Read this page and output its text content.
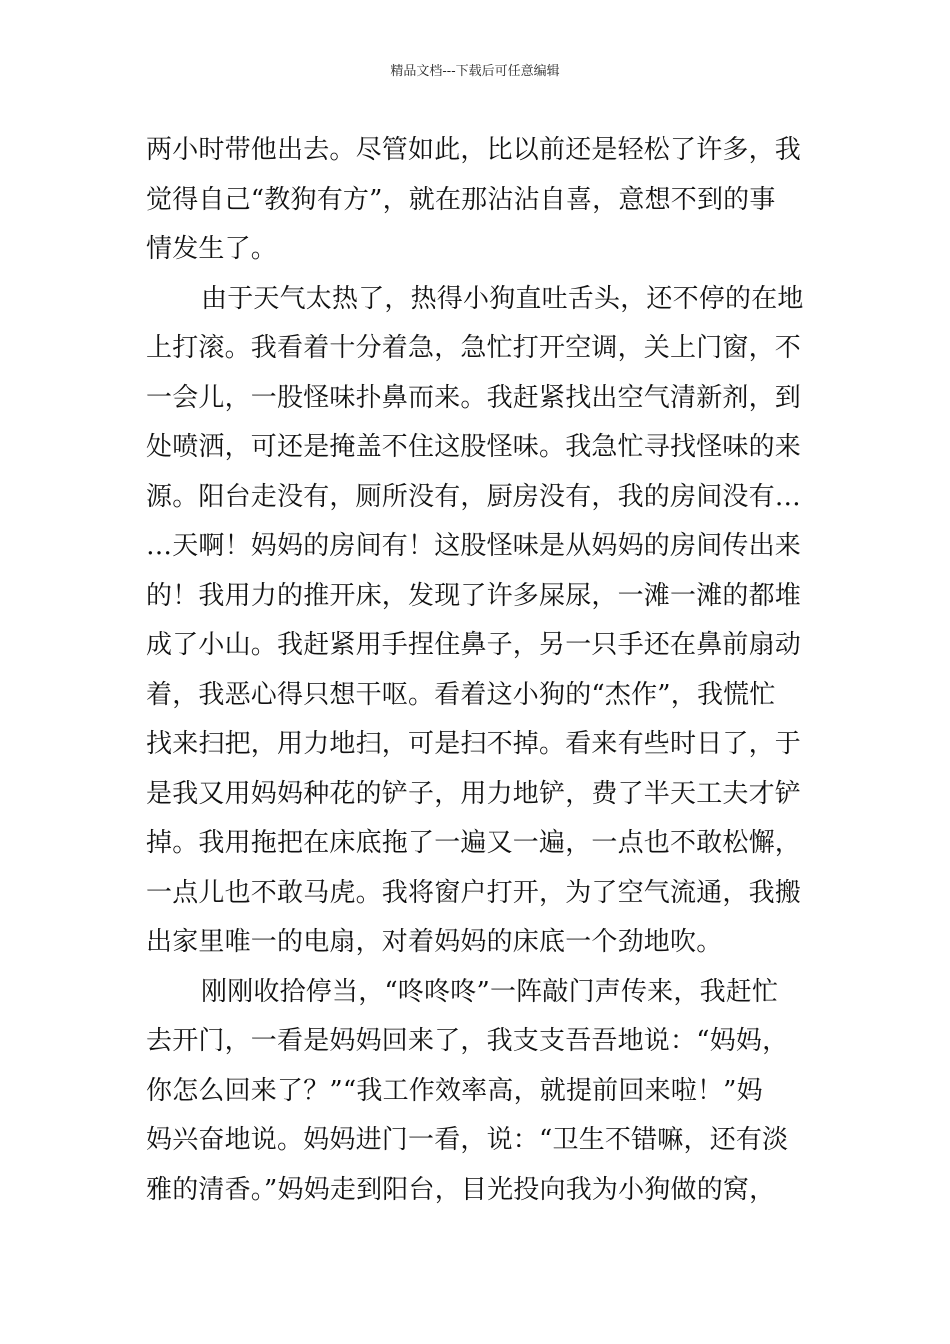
精品文档---下载后可任意编辑
两小时带他出去。尽管如此，比以前还是轻松了许多，我
觉得自己“教狗有方”，就在那沾沾自喜，意想不到的事
情发生了。
由于天气太热了，热得小狗直吐舌头，还不停的在地
上打滚。我看着十分着急，急忙打开空调，关上门窗，不
一会儿，一股怪味扑鼻而来。我赶紧找出空气清新剂，到
处喷洒，可还是掩盖不住这股怪味。我急忙寻找怪味的来
源。阳台走没有，厕所没有，厨房没有，我的房间没有…
…天啊！妈妈的房间有！这股怪味是从妈妈的房间传出来
的！我用力的推开床，发现了许多屎尿，一滩一滩的都堆
成了小山。我赶紧用手捏住鼻子，另一只手还在鼻前扇动
着，我恶心得只想干呕。看着这小狗的“杰作”，我慌忙
找来扫把，用力地扫，可是扫不掉。看来有些时日了，于
是我又用妈妈种花的铲子，用力地铲，费了半天工夫才铲
掉。我用拖把在床底拖了一遍又一遍，一点也不敢松懈，
一点儿也不敢马虎。我将窗户打开，为了空气流通，我搬
出家里唯一的电扇，对着妈妈的床底一个劲地吹。
刚刚收拾停当，“咚咚咚”一阵敲门声传来，我赶忙
去开门，一看是妈妈回来了，我支支吾吾地说：“妈妈，
你怎么回来了？”“我工作效率高，就提前回来啦！”妈
妈兴奋地说。妈妈进门一看，说：“卫生不错嘛，还有淡
雅的清香。”妈妈走到阳台，目光投向我为小狗做的窝，
